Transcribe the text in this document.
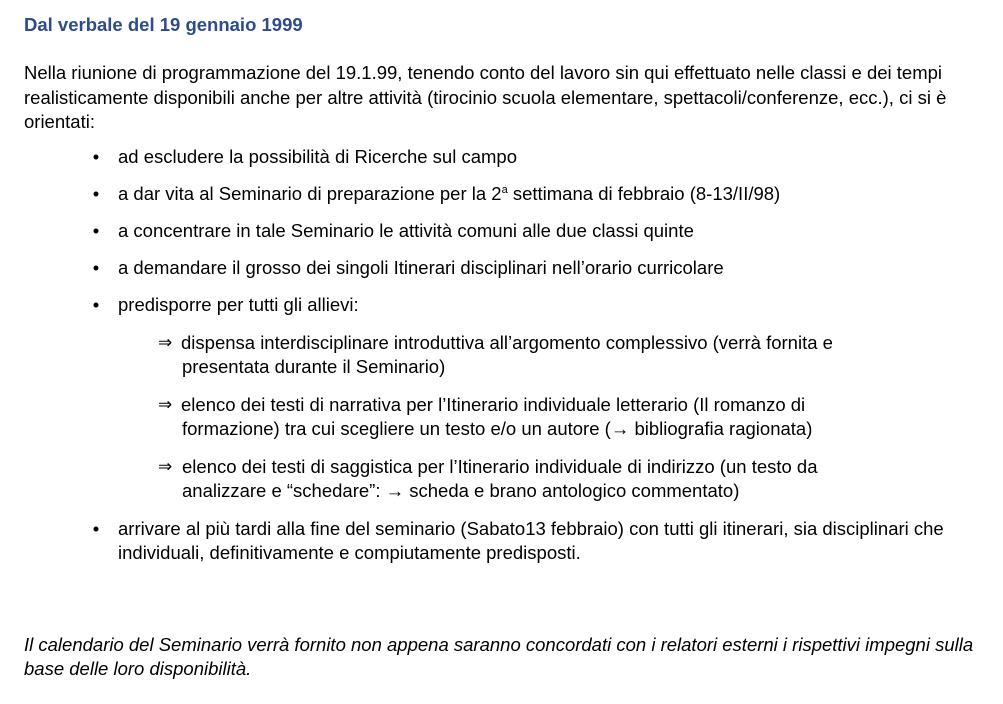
Dal verbale del 19 gennaio 1999

Nella riunione di programmazione del 19.1.99, tenendo conto del lavoro sin qui effettuato nelle classi e dei tempi realisticamente disponibili anche per altre attività (tirocinio scuola elementare, spettacoli/conferenze, ecc.), ci si è orientati:

• ad escludere la possibilità di Ricerche sul campo
• a dar vita al Seminario di preparazione per la 2$^a$ settimana di febbraio (8-13/II/98)
• a concentrare in tale Seminario le attività comuni alle due classi quinte
• a demandare il grosso dei singoli Itinerari disciplinari nell’orario curricolare
• predisporre per tutti gli allievi:
⇒ dispensa interdisciplinare introduttiva all’argomento complessivo (verrà fornita e
presentata durante il Seminario)
⇒ elenco dei testi di narrativa per l’Itinerario individuale letterario (Il romanzo di
formazione) tra cui scegliere un testo e/o un autore (→ bibliografia ragionata)
⇒ elenco dei testi di saggistica per l’Itinerario individuale di indirizzo (un testo da
analizzare e “schedare”: → scheda e brano antologico commentato)
• arrivare al più tardi alla fine del seminario (Sabato13 febbraio) con tutti gli itinerari, sia disciplinari che individuali, definitivamente e compiutamente predisposti.

Il calendario del Seminario verrà fornito non appena saranno concordati con i relatori esterni i rispettivi impegni sulla base delle loro disponibilità.
